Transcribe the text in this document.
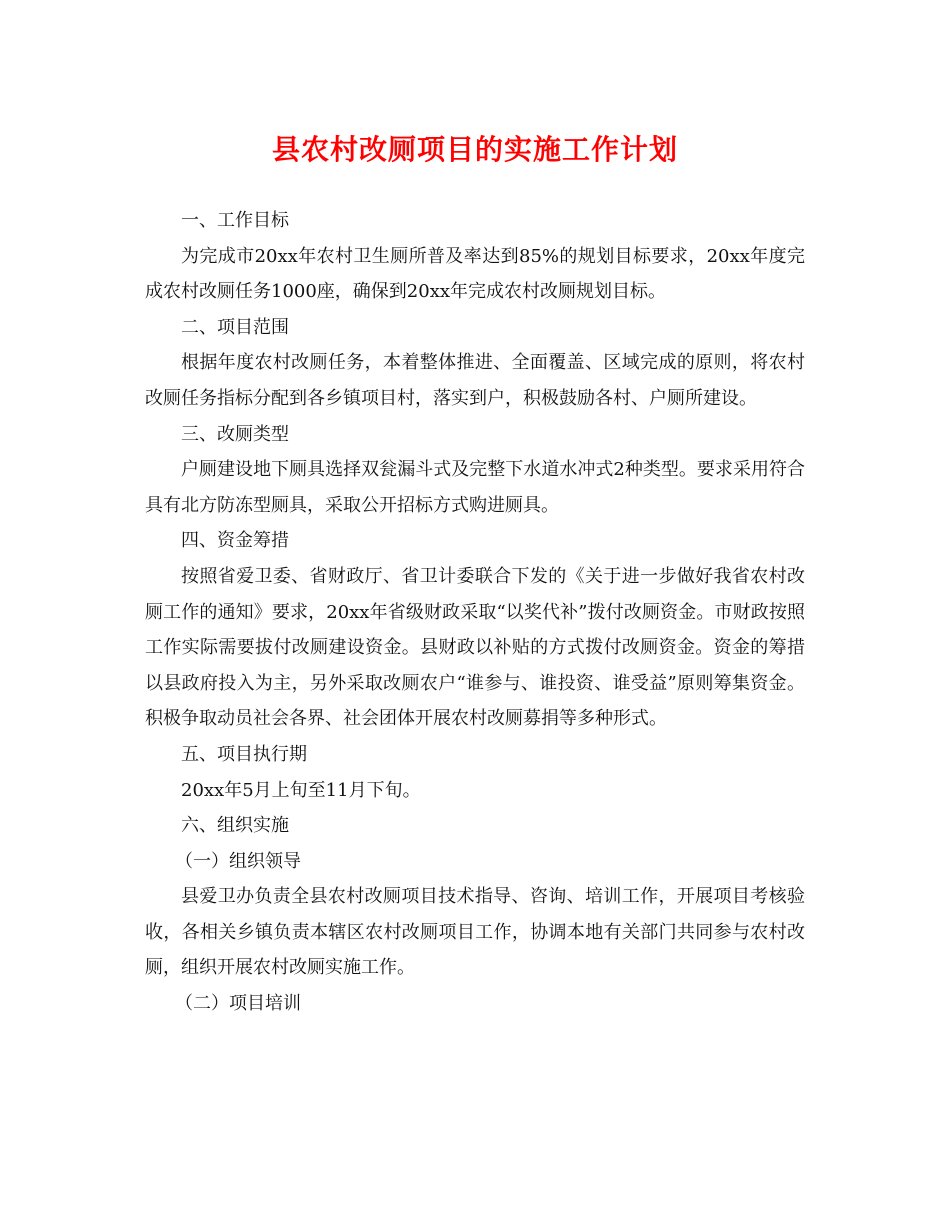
县农村改厕项目的实施工作计划

一、工作目标

为完成市20xx年农村卫生厕所普及率达到85%的规划目标要求，20xx年度完成农村改厕任务1000座，确保到20xx年完成农村改厕规划目标。

二、项目范围

根据年度农村改厕任务，本着整体推进、全面覆盖、区域完成的原则，将农村改厕任务指标分配到各乡镇项目村，落实到户，积极鼓励各村、户厕所建设。

三、改厕类型

户厕建设地下厕具选择双瓮漏斗式及完整下水道水冲式2种类型。要求采用符合具有北方防冻型厕具，采取公开招标方式购进厕具。

四、资金筹措

按照省爱卫委、省财政厅、省卫计委联合下发的《关于进一步做好我省农村改厕工作的通知》要求，20xx年省级财政采取“以奖代补”拨付改厕资金。市财政按照工作实际需要拔付改厕建设资金。县财政以补贴的方式拨付改厕资金。资金的筹措以县政府投入为主，另外采取改厕农户“谁参与、谁投资、谁受益”原则筹集资金。积极争取动员社会各界、社会团体开展农村改厕募捐等多种形式。

五、项目执行期

20xx年5月上旬至11月下旬。

六、组织实施

（一）组织领导

县爱卫办负责全县农村改厕项目技术指导、咨询、培训工作，开展项目考核验收，各相关乡镇负责本辖区农村改厕项目工作，协调本地有关部门共同参与农村改厕，组织开展农村改厕实施工作。

（二）项目培训
